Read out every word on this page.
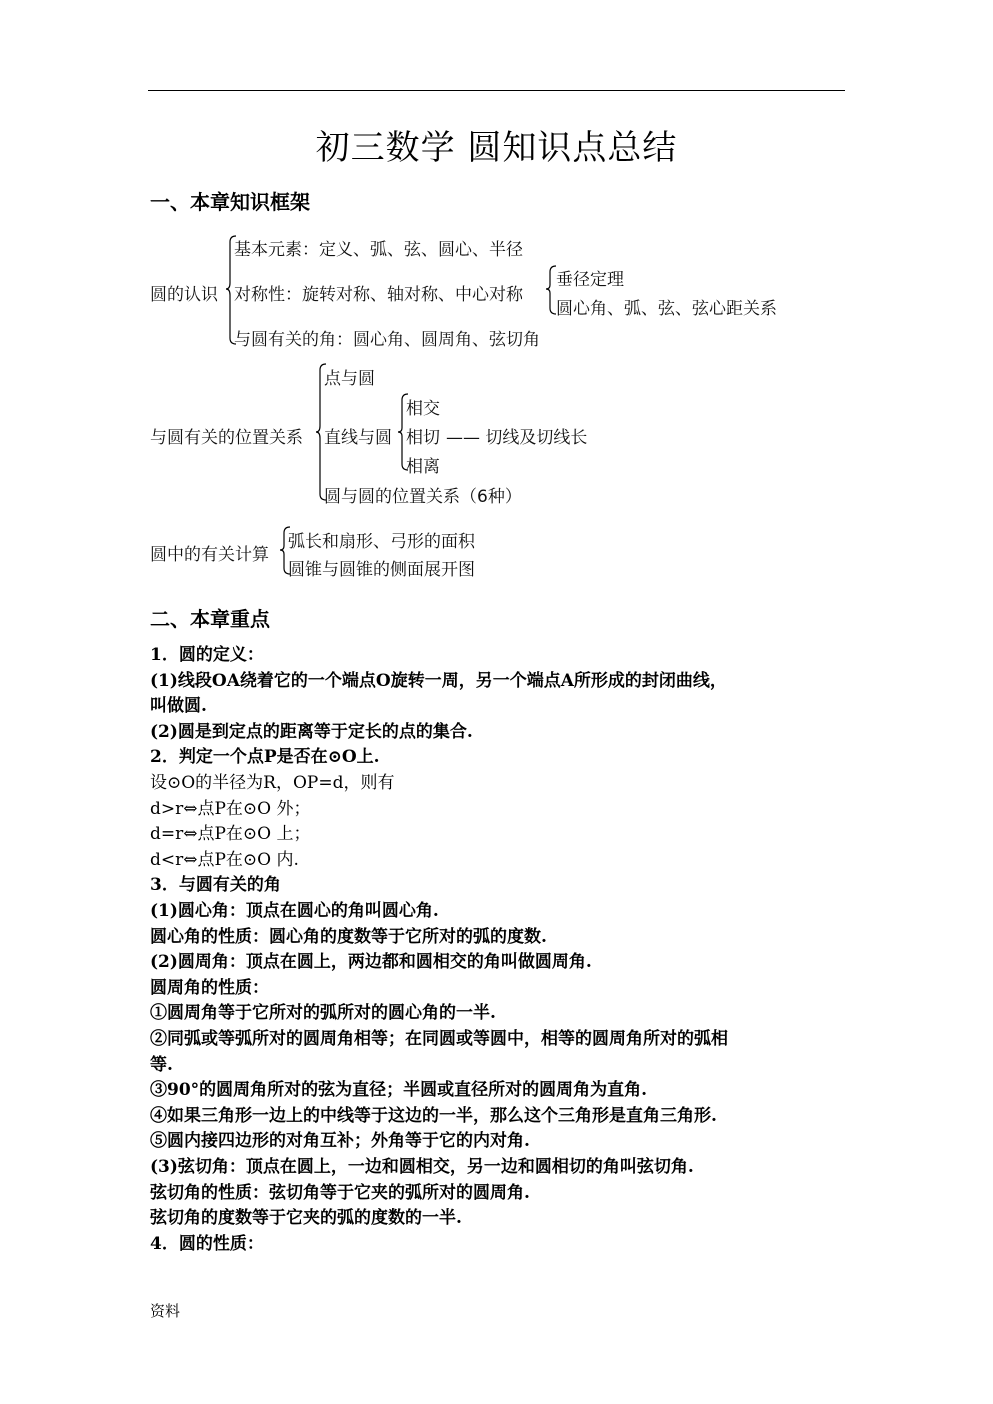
初三数学 圆知识点总结
一、本章知识框架
圆的认识
基本元素：定义、弧、弦、圆心、半径
对称性：旋转对称、轴对称、中心对称
与圆有关的角：圆心角、圆周角、弦切角
垂径定理
圆心角、弧、弦、弦心距关系
与圆有关的位置关系
点与圆
直线与圆
圆与圆的位置关系（6种）
相交
相切 —— 切线及切线长
相离
圆中的有关计算
弧长和扇形、弓形的面积
圆锥与圆锥的侧面展开图
二、本章重点
1．圆的定义：
(1)线段OA绕着它的一个端点O旋转一周，另一个端点A所形成的封闭曲线，
叫做圆.
(2)圆是到定点的距离等于定长的点的集合.
2．判定一个点P是否在⊙O上.
设⊙O的半径为R，OP=d，则有
d>r⇔点P在⊙O 外；
d=r⇔点P在⊙O 上；
d<r⇔点P在⊙O 内.
3．与圆有关的角
(1)圆心角：顶点在圆心的角叫圆心角.
圆心角的性质：圆心角的度数等于它所对的弧的度数.
(2)圆周角：顶点在圆上，两边都和圆相交的角叫做圆周角.
圆周角的性质：
①圆周角等于它所对的弧所对的圆心角的一半.
②同弧或等弧所对的圆周角相等；在同圆或等圆中，相等的圆周角所对的弧相
等.
③90°的圆周角所对的弦为直径；半圆或直径所对的圆周角为直角.
④如果三角形一边上的中线等于这边的一半，那么这个三角形是直角三角形.
⑤圆内接四边形的对角互补；外角等于它的内对角.
(3)弦切角：顶点在圆上，一边和圆相交，另一边和圆相切的角叫弦切角.
弦切角的性质：弦切角等于它夹的弧所对的圆周角.
弦切角的度数等于它夹的弧的度数的一半.
4．圆的性质：
资料
